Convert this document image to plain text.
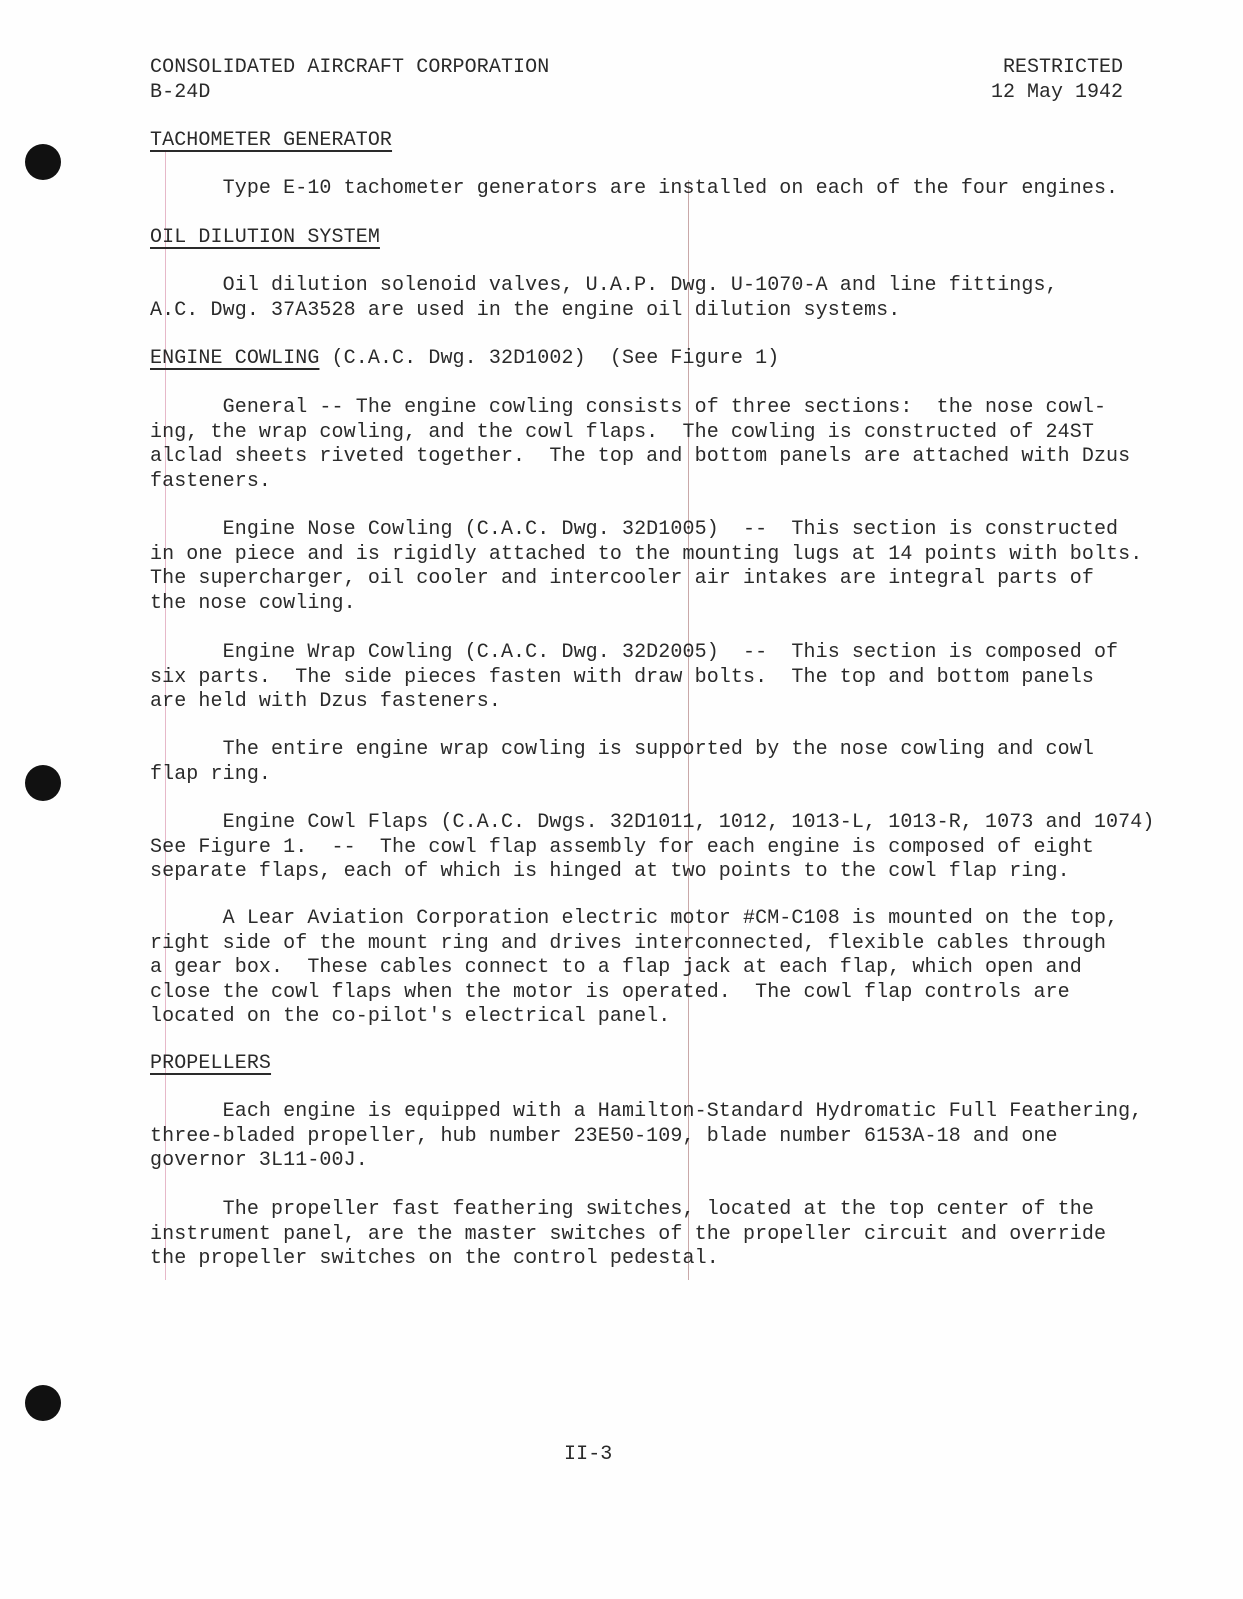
CONSOLIDATED AIRCRAFT CORPORATION
B-24D
RESTRICTED
12 May 1942
TACHOMETER GENERATOR
Type E-10 tachometer generators are installed on each of the four engines.
OIL DILUTION SYSTEM
Oil dilution solenoid valves, U.A.P. Dwg. U-1070-A and line fittings,
A.C. Dwg. 37A3528 are used in the engine oil dilution systems.
ENGINE COWLING (C.A.C. Dwg. 32D1002)  (See Figure 1)
General -- The engine cowling consists of three sections:  the nose cowl-
ing, the wrap cowling, and the cowl flaps.  The cowling is constructed of 24ST
alclad sheets riveted together.  The top and bottom panels are attached with Dzus
fasteners.
Engine Nose Cowling (C.A.C. Dwg. 32D1005)  --  This section is constructed
in one piece and is rigidly attached to the mounting lugs at 14 points with bolts.
The supercharger, oil cooler and intercooler air intakes are integral parts of
the nose cowling.
Engine Wrap Cowling (C.A.C. Dwg. 32D2005)  --  This section is composed of
six parts.  The side pieces fasten with draw bolts.  The top and bottom panels
are held with Dzus fasteners.
The entire engine wrap cowling is supported by the nose cowling and cowl
flap ring.
Engine Cowl Flaps (C.A.C. Dwgs. 32D1011, 1012, 1013-L, 1013-R, 1073 and 1074)
See Figure 1.  --  The cowl flap assembly for each engine is composed of eight
separate flaps, each of which is hinged at two points to the cowl flap ring.
A Lear Aviation Corporation electric motor #CM-C108 is mounted on the top,
right side of the mount ring and drives interconnected, flexible cables through
a gear box.  These cables connect to a flap jack at each flap, which open and
close the cowl flaps when the motor is operated.  The cowl flap controls are
located on the co-pilot's electrical panel.
PROPELLERS
Each engine is equipped with a Hamilton-Standard Hydromatic Full Feathering,
three-bladed propeller, hub number 23E50-109, blade number 6153A-18 and one
governor 3L11-00J.
The propeller fast feathering switches, located at the top center of the
instrument panel, are the master switches of the propeller circuit and override
the propeller switches on the control pedestal.
II-3
